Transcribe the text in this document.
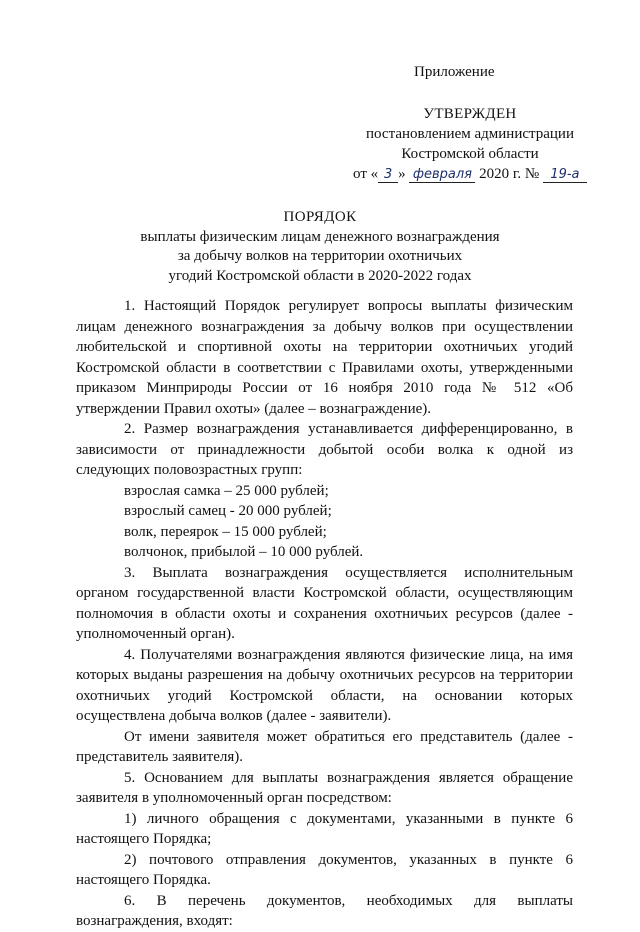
Приложение
УТВЕРЖДЕН
постановлением администрации
Костромской области
от « 3 » февраля 2020 г. № 19-а
ПОРЯДОК
выплаты физическим лицам денежного вознаграждения
за добычу волков на территории охотничьих
угодий Костромской области в 2020-2022 годах

1. Настоящий Порядок регулирует вопросы выплаты физическим лицам денежного вознаграждения за добычу волков при осуществлении любительской и спортивной охоты на территории охотничьих угодий Костромской области в соответствии с Правилами охоты, утвержденными приказом Минприроды России от 16 ноября 2010 года № 512 «Об утверждении Правил охоты» (далее – вознаграждение).

2. Размер вознаграждения устанавливается дифференцированно, в зависимости от принадлежности добытой особи волка к одной из следующих половозрастных групп:

взрослая самка – 25 000 рублей;

взрослый самец - 20 000 рублей;

волк, переярок – 15 000 рублей;

волчонок, прибылой – 10 000 рублей.

3. Выплата вознаграждения осуществляется исполнительным органом государственной власти Костромской области, осуществляющим полномочия в области охоты и сохранения охотничьих ресурсов (далее - уполномоченный орган).

4. Получателями вознаграждения являются физические лица, на имя которых выданы разрешения на добычу охотничьих ресурсов на территории охотничьих угодий Костромской области, на основании которых осуществлена добыча волков (далее - заявители).

От имени заявителя может обратиться его представитель (далее - представитель заявителя).

5. Основанием для выплаты вознаграждения является обращение заявителя в уполномоченный орган посредством:

1) личного обращения с документами, указанными в пункте 6 настоящего Порядка;

2) почтового отправления документов, указанных в пункте 6 настоящего Порядка.

6. В перечень документов, необходимых для выплаты вознаграждения, входят:
